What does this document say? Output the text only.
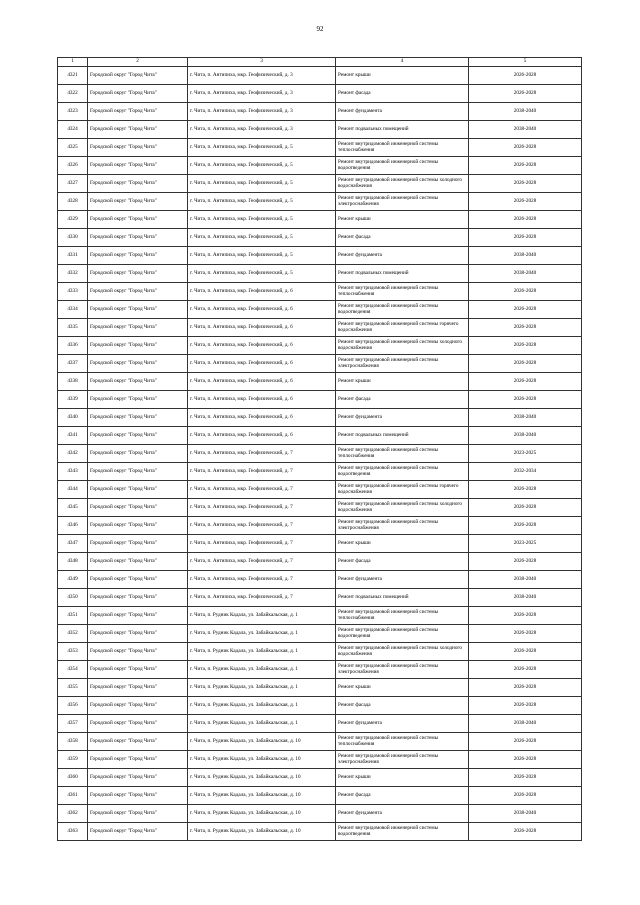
92
1	2	3	4	5
4321	Городской округ "Город Чита"	г. Чита, п. Антипиха, мкр. Геофизический, д. 3	Ремонт крыши	2026-2028
4322	Городской округ "Город Чита"	г. Чита, п. Антипиха, мкр. Геофизический, д. 3	Ремонт фасада	2026-2028
4323	Городской округ "Город Чита"	г. Чита, п. Антипиха, мкр. Геофизический, д. 3	Ремонт фундамента	2038-2040
4324	Городской округ "Город Чита"	г. Чита, п. Антипиха, мкр. Геофизический, д. 3	Ремонт подвальных помещений	2038-2040
4325	Городской округ "Город Чита"	г. Чита, п. Антипиха, мкр. Геофизический, д. 5	Ремонт внутридомовой инженерной системы теплоснабжения	2026-2028
4326	Городской округ "Город Чита"	г. Чита, п. Антипиха, мкр. Геофизический, д. 5	Ремонт внутридомовой инженерной системы водоотведения	2026-2028
4327	Городской округ "Город Чита"	г. Чита, п. Антипиха, мкр. Геофизический, д. 5	Ремонт внутридомовой инженерной системы холодного водоснабжения	2026-2028
4328	Городской округ "Город Чита"	г. Чита, п. Антипиха, мкр. Геофизический, д. 5	Ремонт внутридомовой инженерной системы электроснабжения	2026-2028
4329	Городской округ "Город Чита"	г. Чита, п. Антипиха, мкр. Геофизический, д. 5	Ремонт крыши	2026-2028
4330	Городской округ "Город Чита"	г. Чита, п. Антипиха, мкр. Геофизический, д. 5	Ремонт фасада	2026-2028
4331	Городской округ "Город Чита"	г. Чита, п. Антипиха, мкр. Геофизический, д. 5	Ремонт фундамента	2038-2040
4332	Городской округ "Город Чита"	г. Чита, п. Антипиха, мкр. Геофизический, д. 5	Ремонт подвальных помещений	2038-2040
4333	Городской округ "Город Чита"	г. Чита, п. Антипиха, мкр. Геофизический, д. 6	Ремонт внутридомовой инженерной системы теплоснабжения	2026-2028
4334	Городской округ "Город Чита"	г. Чита, п. Антипиха, мкр. Геофизический, д. 6	Ремонт внутридомовой инженерной системы водоотведения	2026-2028
4335	Городской округ "Город Чита"	г. Чита, п. Антипиха, мкр. Геофизический, д. 6	Ремонт внутридомовой инженерной системы горячего водоснабжения	2026-2028
4336	Городской округ "Город Чита"	г. Чита, п. Антипиха, мкр. Геофизический, д. 6	Ремонт внутридомовой инженерной системы холодного водоснабжения	2026-2028
4337	Городской округ "Город Чита"	г. Чита, п. Антипиха, мкр. Геофизический, д. 6	Ремонт внутридомовой инженерной системы электроснабжения	2026-2028
4338	Городской округ "Город Чита"	г. Чита, п. Антипиха, мкр. Геофизический, д. 6	Ремонт крыши	2026-2028
4339	Городской округ "Город Чита"	г. Чита, п. Антипиха, мкр. Геофизический, д. 6	Ремонт фасада	2026-2028
4340	Городской округ "Город Чита"	г. Чита, п. Антипиха, мкр. Геофизический, д. 6	Ремонт фундамента	2038-2040
4341	Городской округ "Город Чита"	г. Чита, п. Антипиха, мкр. Геофизический, д. 6	Ремонт подвальных помещений	2038-2040
4342	Городской округ "Город Чита"	г. Чита, п. Антипиха, мкр. Геофизический, д. 7	Ремонт внутридомовой инженерной системы теплоснабжения	2023-2025
4343	Городской округ "Город Чита"	г. Чита, п. Антипиха, мкр. Геофизический, д. 7	Ремонт внутридомовой инженерной системы водоотведения	2032-2034
4344	Городской округ "Город Чита"	г. Чита, п. Антипиха, мкр. Геофизический, д. 7	Ремонт внутридомовой инженерной системы горячего водоснабжения	2026-2028
4345	Городской округ "Город Чита"	г. Чита, п. Антипиха, мкр. Геофизический, д. 7	Ремонт внутридомовой инженерной системы холодного водоснабжения	2026-2028
4346	Городской округ "Город Чита"	г. Чита, п. Антипиха, мкр. Геофизический, д. 7	Ремонт внутридомовой инженерной системы электроснабжения	2026-2028
4347	Городской округ "Город Чита"	г. Чита, п. Антипиха, мкр. Геофизический, д. 7	Ремонт крыши	2023-2025
4348	Городской округ "Город Чита"	г. Чита, п. Антипиха, мкр. Геофизический, д. 7	Ремонт фасада	2026-2028
4349	Городской округ "Город Чита"	г. Чита, п. Антипиха, мкр. Геофизический, д. 7	Ремонт фундамента	2038-2040
4350	Городской округ "Город Чита"	г. Чита, п. Антипиха, мкр. Геофизический, д. 7	Ремонт подвальных помещений	2038-2040
4351	Городской округ "Город Чита"	г. Чита, п. Рудник Кадала, ул. Забайкальская, д. 1	Ремонт внутридомовой инженерной системы теплоснабжения	2026-2028
4352	Городской округ "Город Чита"	г. Чита, п. Рудник Кадала, ул. Забайкальская, д. 1	Ремонт внутридомовой инженерной системы водоотведения	2026-2028
4353	Городской округ "Город Чита"	г. Чита, п. Рудник Кадала, ул. Забайкальская, д. 1	Ремонт внутридомовой инженерной системы холодного водоснабжения	2026-2028
4354	Городской округ "Город Чита"	г. Чита, п. Рудник Кадала, ул. Забайкальская, д. 1	Ремонт внутридомовой инженерной системы электроснабжения	2026-2028
4355	Городской округ "Город Чита"	г. Чита, п. Рудник Кадала, ул. Забайкальская, д. 1	Ремонт крыши	2026-2028
4356	Городской округ "Город Чита"	г. Чита, п. Рудник Кадала, ул. Забайкальская, д. 1	Ремонт фасада	2026-2028
4357	Городской округ "Город Чита"	г. Чита, п. Рудник Кадала, ул. Забайкальская, д. 1	Ремонт фундамента	2038-2040
4358	Городской округ "Город Чита"	г. Чита, п. Рудник Кадала, ул. Забайкальская, д. 10	Ремонт внутридомовой инженерной системы теплоснабжения	2026-2028
4359	Городской округ "Город Чита"	г. Чита, п. Рудник Кадала, ул. Забайкальская, д. 10	Ремонт внутридомовой инженерной системы электроснабжения	2026-2028
4360	Городской округ "Город Чита"	г. Чита, п. Рудник Кадала, ул. Забайкальская, д. 10	Ремонт крыши	2026-2028
4361	Городской округ "Город Чита"	г. Чита, п. Рудник Кадала, ул. Забайкальская, д. 10	Ремонт фасада	2026-2028
4362	Городской округ "Город Чита"	г. Чита, п. Рудник Кадала, ул. Забайкальская, д. 10	Ремонт фундамента	2038-2040
4363	Городской округ "Город Чита"	г. Чита, п. Рудник Кадала, ул. Забайкальская, д. 10	Ремонт внутридомовой инженерной системы водоотведения	2026-2028
